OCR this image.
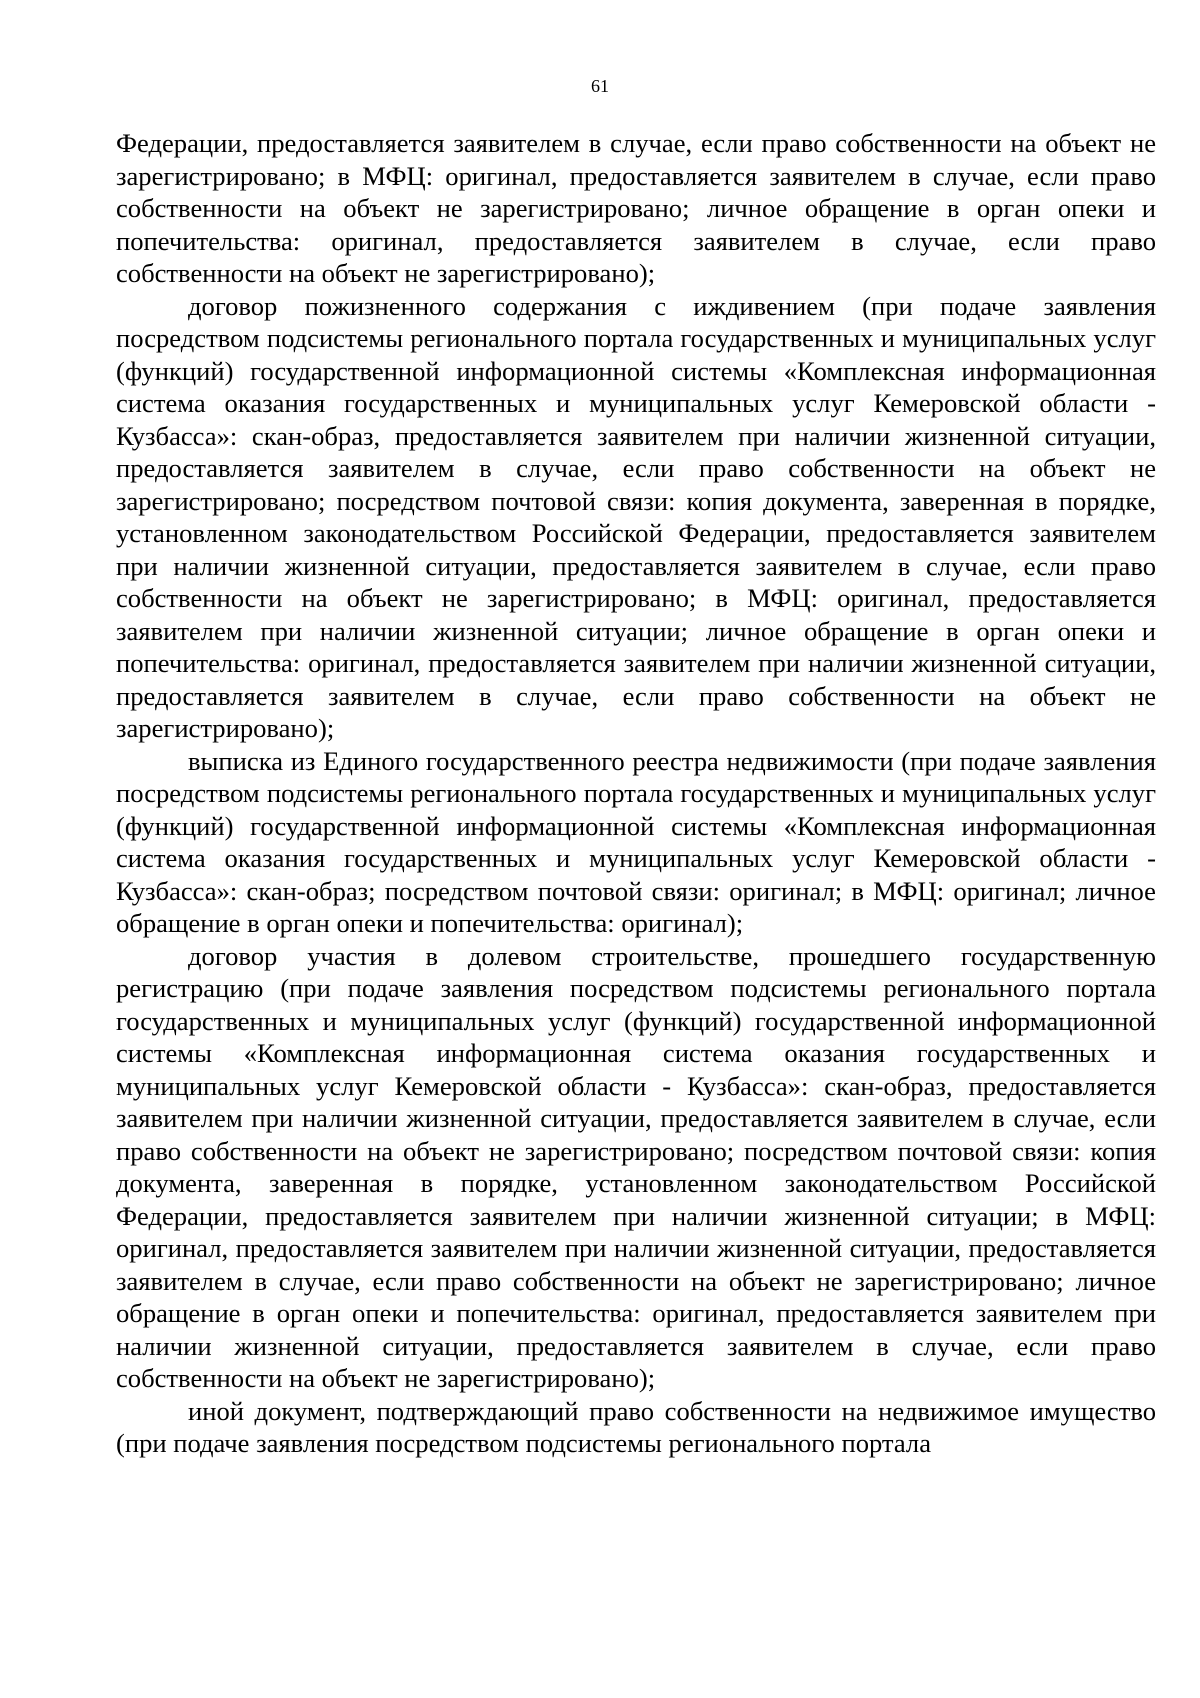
61

Федерации, предоставляется заявителем в случае, если право собственности на объект не зарегистрировано; в МФЦ: оригинал, предоставляется заявителем в случае, если право собственности на объект не зарегистрировано; личное обращение в орган опеки и попечительства: оригинал, предоставляется заявителем в случае, если право собственности на объект не зарегистрировано);

договор пожизненного содержания с иждивением (при подаче заявления посредством подсистемы регионального портала государственных и муниципальных услуг (функций) государственной информационной системы «Комплексная информационная система оказания государственных и муниципальных услуг Кемеровской области - Кузбасса»: скан-образ, предоставляется заявителем при наличии жизненной ситуации, предоставляется заявителем в случае, если право собственности на объект не зарегистрировано; посредством почтовой связи: копия документа, заверенная в порядке, установленном законодательством Российской Федерации, предоставляется заявителем при наличии жизненной ситуации, предоставляется заявителем в случае, если право собственности на объект не зарегистрировано; в МФЦ: оригинал, предоставляется заявителем при наличии жизненной ситуации; личное обращение в орган опеки и попечительства: оригинал, предоставляется заявителем при наличии жизненной ситуации, предоставляется заявителем в случае, если право собственности на объект не зарегистрировано);

выписка из Единого государственного реестра недвижимости (при подаче заявления посредством подсистемы регионального портала государственных и муниципальных услуг (функций) государственной информационной системы «Комплексная информационная система оказания государственных и муниципальных услуг Кемеровской области - Кузбасса»: скан-образ; посредством почтовой связи: оригинал; в МФЦ: оригинал; личное обращение в орган опеки и попечительства: оригинал);

договор участия в долевом строительстве, прошедшего государственную регистрацию (при подаче заявления посредством подсистемы регионального портала государственных и муниципальных услуг (функций) государственной информационной системы «Комплексная информационная система оказания государственных и муниципальных услуг Кемеровской области - Кузбасса»: скан-образ, предоставляется заявителем при наличии жизненной ситуации, предоставляется заявителем в случае, если право собственности на объект не зарегистрировано; посредством почтовой связи: копия документа, заверенная в порядке, установленном законодательством Российской Федерации, предоставляется заявителем при наличии жизненной ситуации; в МФЦ: оригинал, предоставляется заявителем при наличии жизненной ситуации, предоставляется заявителем в случае, если право собственности на объект не зарегистрировано; личное обращение в орган опеки и попечительства: оригинал, предоставляется заявителем при наличии жизненной ситуации, предоставляется заявителем в случае, если право собственности на объект не зарегистрировано);

иной документ, подтверждающий право собственности на недвижимое имущество (при подаче заявления посредством подсистемы регионального портала
